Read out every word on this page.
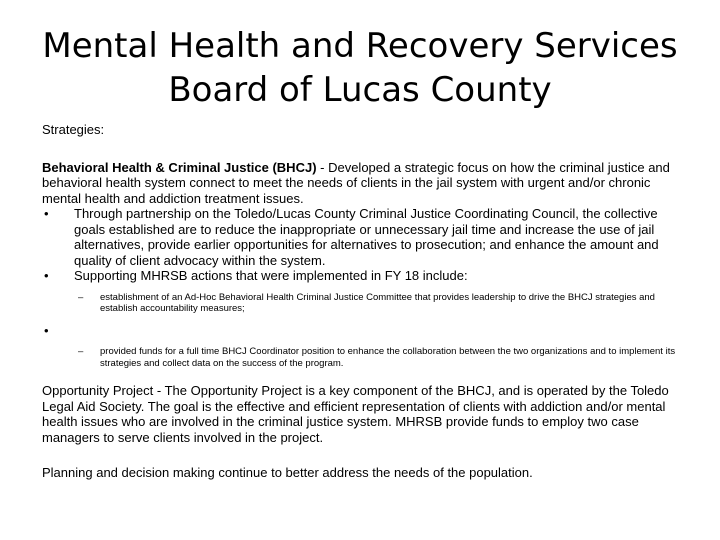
Mental Health and Recovery Services
Board of Lucas County

Strategies:

Behavioral Health & Criminal Justice (BHCJ) - Developed a strategic focus on how the criminal justice and behavioral health system connect to meet the needs of clients in the jail system with urgent and/or chronic mental health and addiction treatment issues.

• Through partnership on the Toledo/Lucas County Criminal Justice Coordinating Council, the collective goals established are to reduce the inappropriate or unnecessary jail time and increase the use of jail alternatives, provide earlier opportunities for alternatives to prosecution; and enhance the amount and quality of client advocacy within the system.
• Supporting MHRSB actions that were implemented in FY 18 include:
– establishment of an Ad-Hoc Behavioral Health Criminal Justice Committee that provides leadership to drive the BHCJ strategies and establish accountability measures;
•

– provided funds for a full time BHCJ Coordinator position to enhance the collaboration between the two organizations and to implement its strategies and collect data on the success of the program.

Opportunity Project - The Opportunity Project is a key component of the BHCJ, and is operated by the Toledo Legal Aid Society. The goal is the effective and efficient representation of clients with addiction and/or mental health issues who are involved in the criminal justice system. MHRSB provide funds to employ two case managers to serve clients involved in the project.

Planning and decision making continue to better address the needs of the population.
